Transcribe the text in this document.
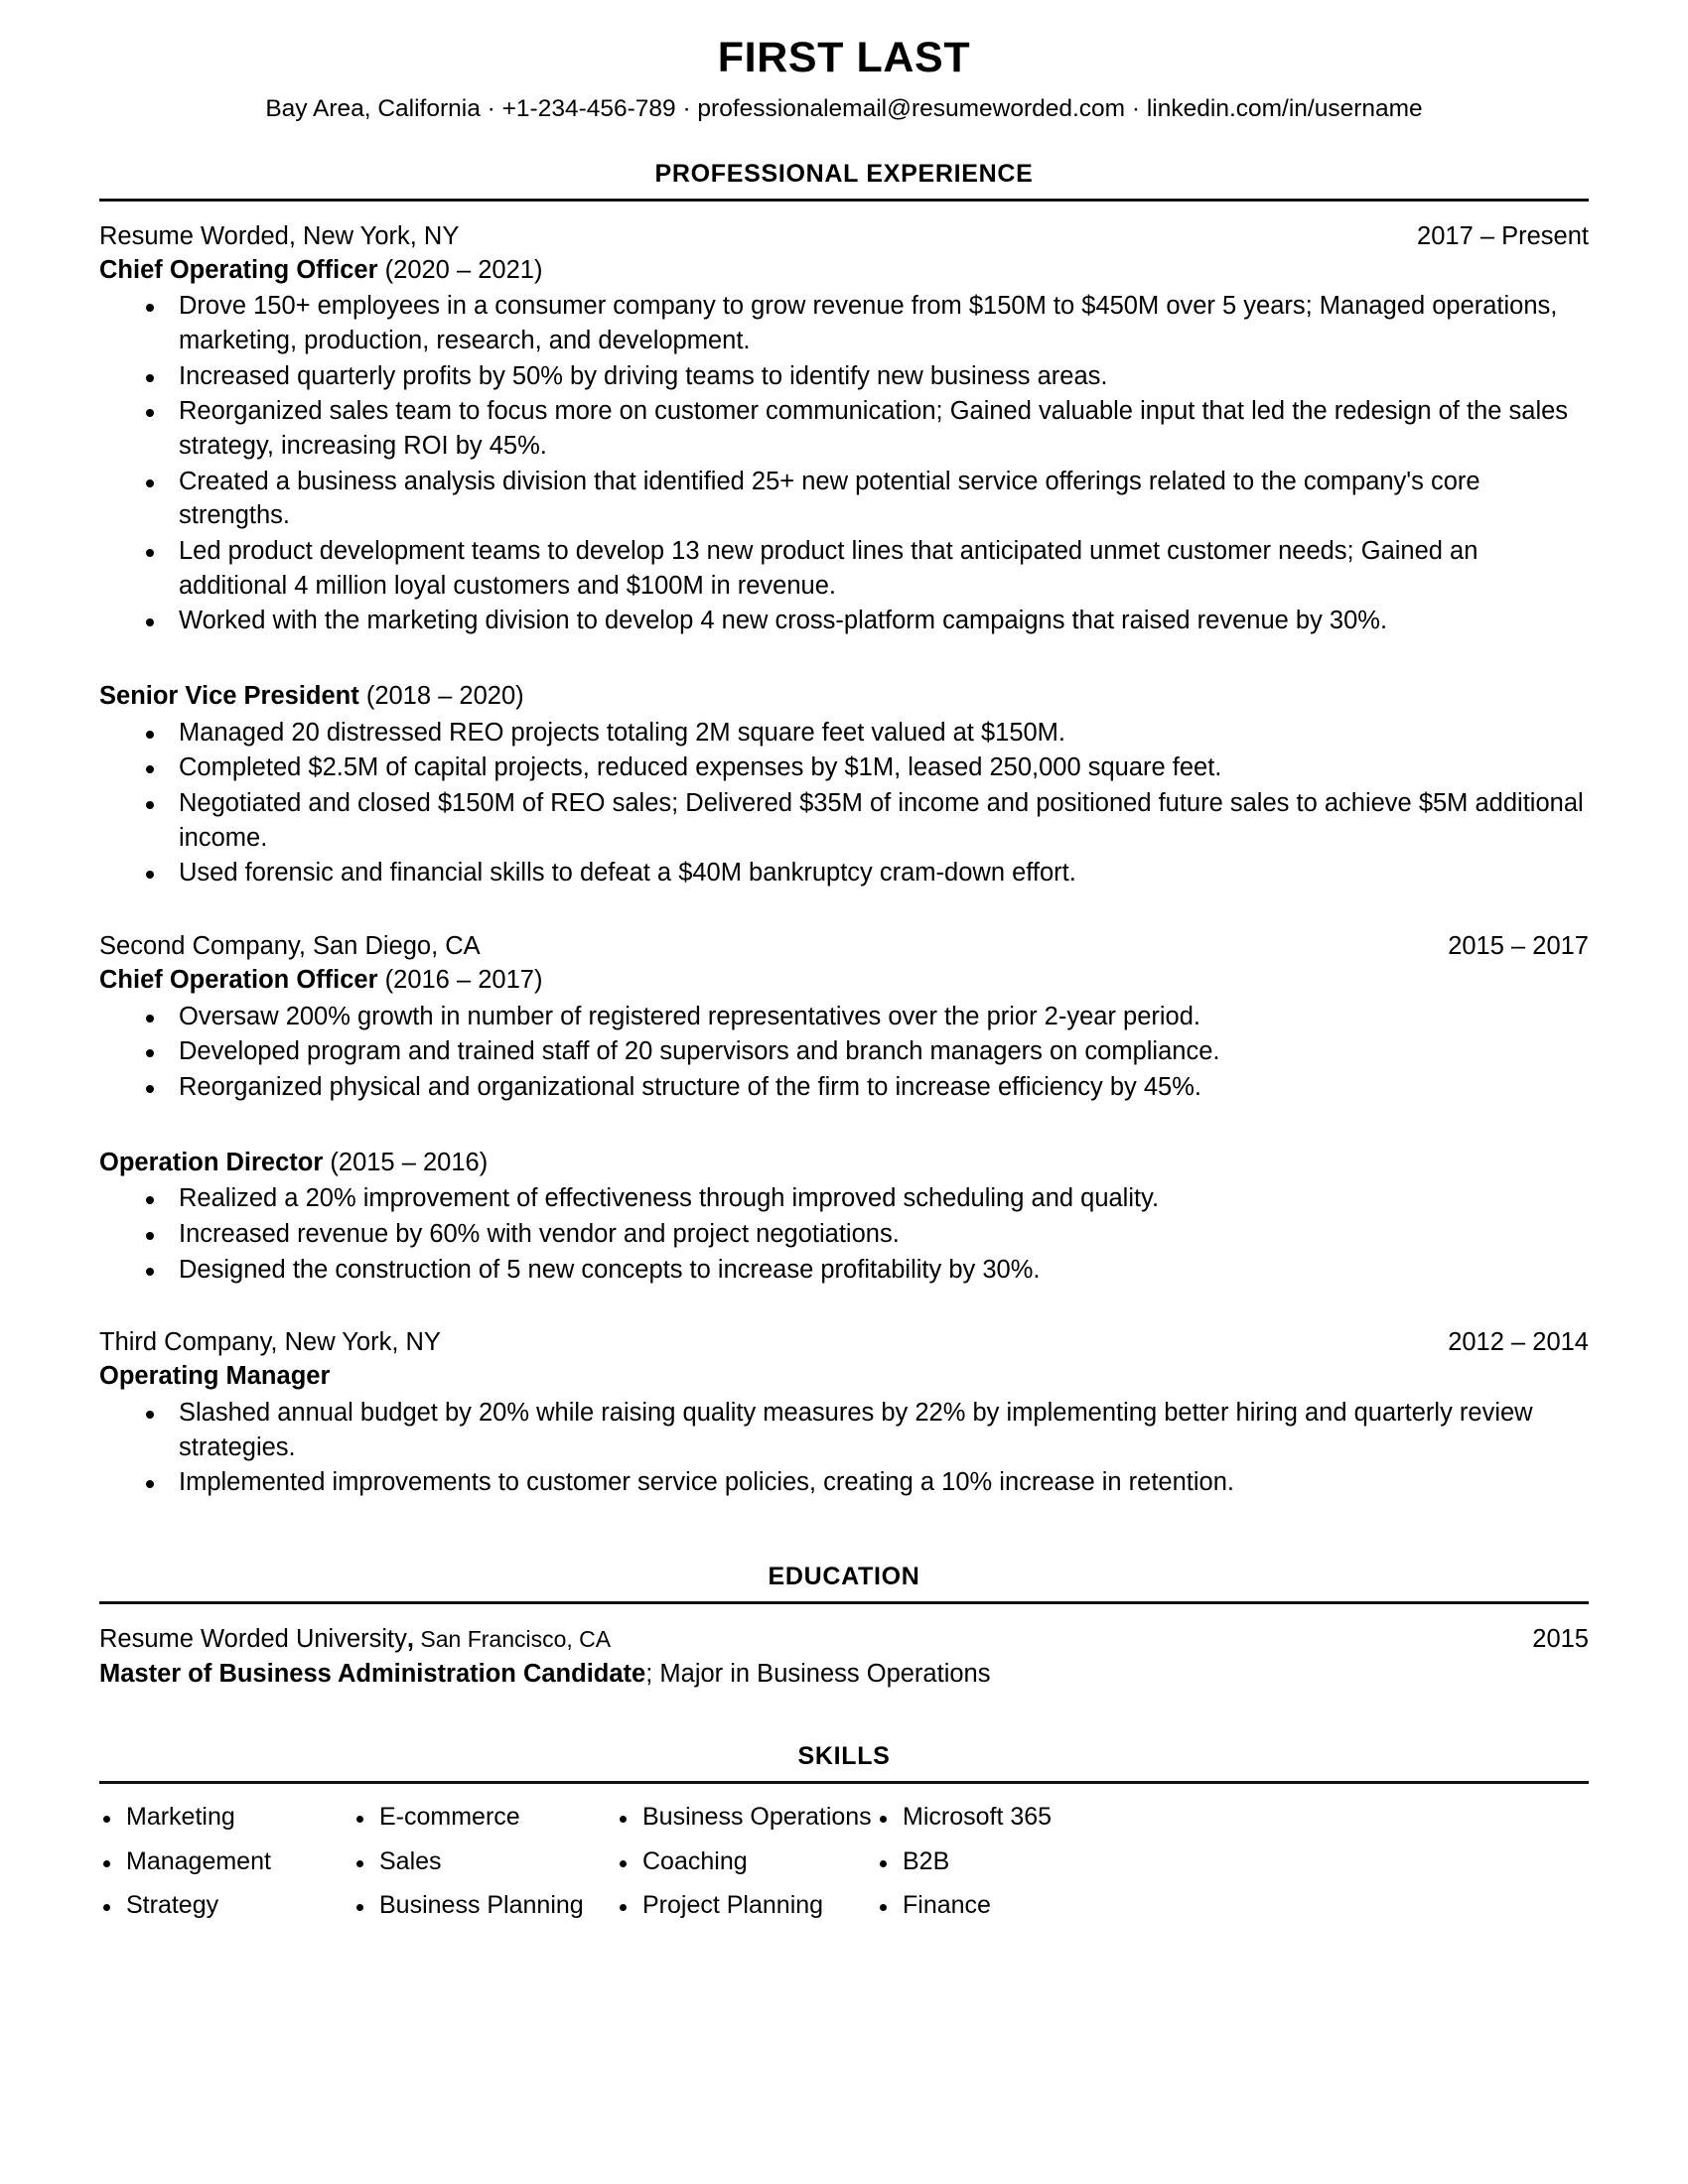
FIRST LAST
Bay Area, California · +1-234-456-789 · professionalemail@resumeworded.com · linkedin.com/in/username
PROFESSIONAL EXPERIENCE
Resume Worded, New York, NY	2017 – Present
Chief Operating Officer (2020 – 2021)
Drove 150+ employees in a consumer company to grow revenue from $150M to $450M over 5 years; Managed operations, marketing, production, research, and development.
Increased quarterly profits by 50% by driving teams to identify new business areas.
Reorganized sales team to focus more on customer communication; Gained valuable input that led the redesign of the sales strategy, increasing ROI by 45%.
Created a business analysis division that identified 25+ new potential service offerings related to the company's core strengths.
Led product development teams to develop 13 new product lines that anticipated unmet customer needs; Gained an additional 4 million loyal customers and $100M in revenue.
Worked with the marketing division to develop 4 new cross-platform campaigns that raised revenue by 30%.
Senior Vice President (2018 – 2020)
Managed 20 distressed REO projects totaling 2M square feet valued at $150M.
Completed $2.5M of capital projects, reduced expenses by $1M, leased 250,000 square feet.
Negotiated and closed $150M of REO sales; Delivered $35M of income and positioned future sales to achieve $5M additional income.
Used forensic and financial skills to defeat a $40M bankruptcy cram-down effort.
Second Company, San Diego, CA	2015 – 2017
Chief Operation Officer (2016 – 2017)
Oversaw 200% growth in number of registered representatives over the prior 2-year period.
Developed program and trained staff of 20 supervisors and branch managers on compliance.
Reorganized physical and organizational structure of the firm to increase efficiency by 45%.
Operation Director (2015 – 2016)
Realized a 20% improvement of effectiveness through improved scheduling and quality.
Increased revenue by 60% with vendor and project negotiations.
Designed the construction of 5 new concepts to increase profitability by 30%.
Third Company, New York, NY	2012 – 2014
Operating Manager
Slashed annual budget by 20% while raising quality measures by 22% by implementing better hiring and quarterly review strategies.
Implemented improvements to customer service policies, creating a 10% increase in retention.
EDUCATION
Resume Worded University, San Francisco, CA	2015
Master of Business Administration Candidate; Major in Business Operations
SKILLS
Marketing
Management
Strategy
E-commerce
Sales
Business Planning
Business Operations
Coaching
Project Planning
Microsoft 365
B2B
Finance
